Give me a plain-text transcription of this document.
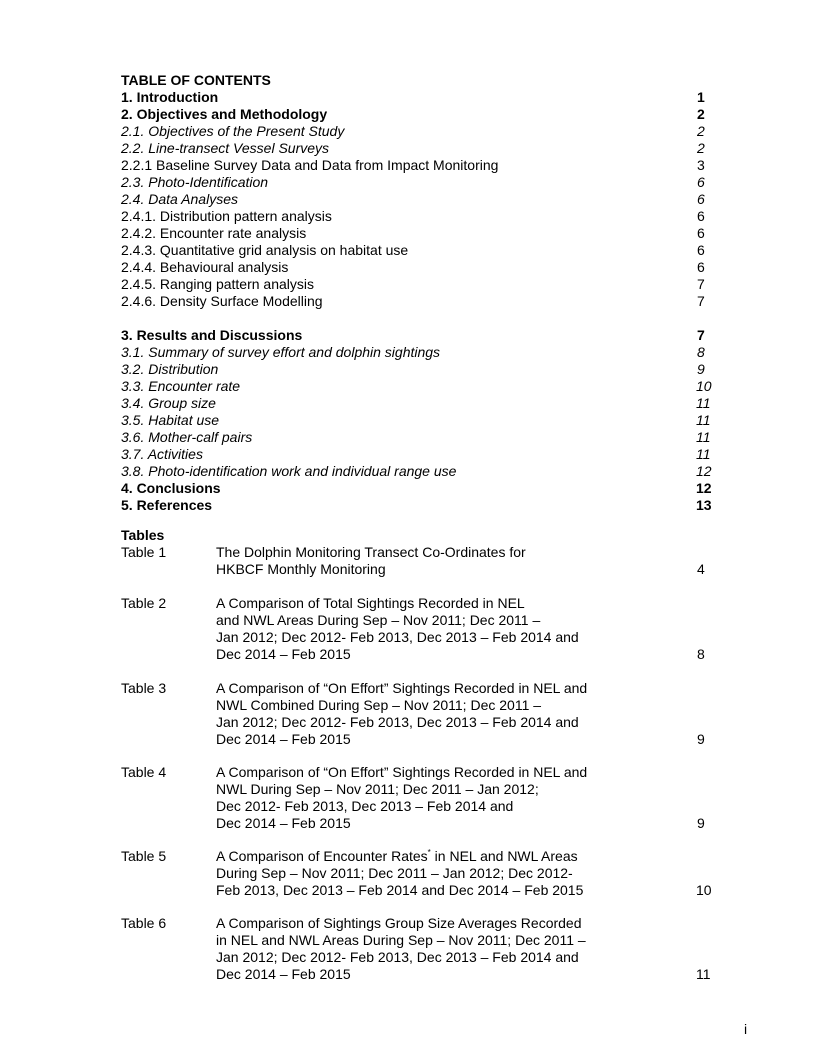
TABLE OF CONTENTS
1. Introduction	1
2. Objectives and Methodology	2
2.1. Objectives of the Present Study	2
2.2. Line-transect Vessel Surveys	2
2.2.1 Baseline Survey Data and Data from Impact Monitoring	3
2.3. Photo-Identification	6
2.4. Data Analyses	6
2.4.1. Distribution pattern analysis	6
2.4.2. Encounter rate analysis	6
2.4.3. Quantitative grid analysis on habitat use	6
2.4.4. Behavioural analysis	6
2.4.5. Ranging pattern analysis	7
2.4.6. Density Surface Modelling	7
3. Results and Discussions	7
3.1. Summary of survey effort and dolphin sightings	8
3.2. Distribution	9
3.3. Encounter rate	10
3.4. Group size	11
3.5. Habitat use	11
3.6. Mother-calf pairs	11
3.7. Activities	11
3.8. Photo-identification work and individual range use	12
4. Conclusions	12
5. References	13
Tables
Table 1	The Dolphin Monitoring Transect Co-Ordinates for
HKBCF Monthly Monitoring	4
Table 2	A Comparison of Total Sightings Recorded in NEL
and NWL Areas During Sep – Nov 2011; Dec 2011 –
Jan 2012; Dec 2012- Feb 2013, Dec 2013 – Feb 2014 and
Dec 2014 – Feb 2015	8
Table 3	A Comparison of “On Effort” Sightings Recorded in NEL and
NWL Combined During Sep – Nov 2011; Dec 2011 –
Jan 2012; Dec 2012- Feb 2013, Dec 2013 – Feb 2014 and
Dec 2014 – Feb 2015	9
Table 4	A Comparison of “On Effort” Sightings Recorded in NEL and
NWL During Sep – Nov 2011; Dec 2011 – Jan 2012;
Dec 2012- Feb 2013, Dec 2013 – Feb 2014 and
Dec 2014 – Feb 2015	9
Table 5	A Comparison of Encounter Rates* in NEL and NWL Areas
During Sep – Nov 2011; Dec 2011 – Jan 2012; Dec 2012-
Feb 2013, Dec 2013 – Feb 2014 and Dec 2014 – Feb 2015	10
Table 6	A Comparison of Sightings Group Size Averages Recorded
in NEL and NWL Areas During Sep – Nov 2011; Dec 2011 –
Jan 2012; Dec 2012- Feb 2013, Dec 2013 – Feb 2014 and
Dec 2014 – Feb 2015	11
i
